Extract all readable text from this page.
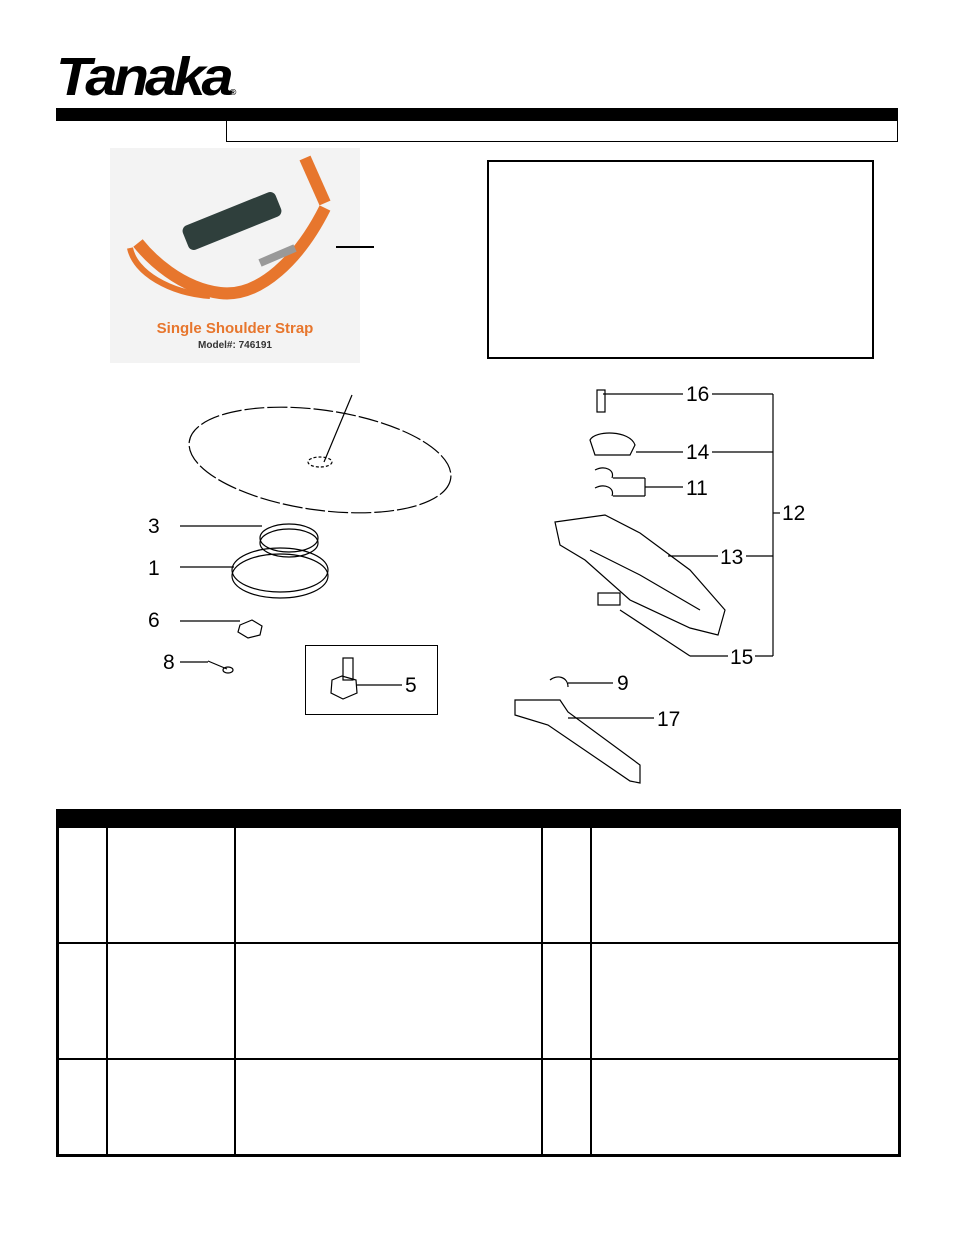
Tanaka®
Single Shoulder Strap
Model#: 746191
3
1
6
8
5	9
17
16
14
11
13
15
12
